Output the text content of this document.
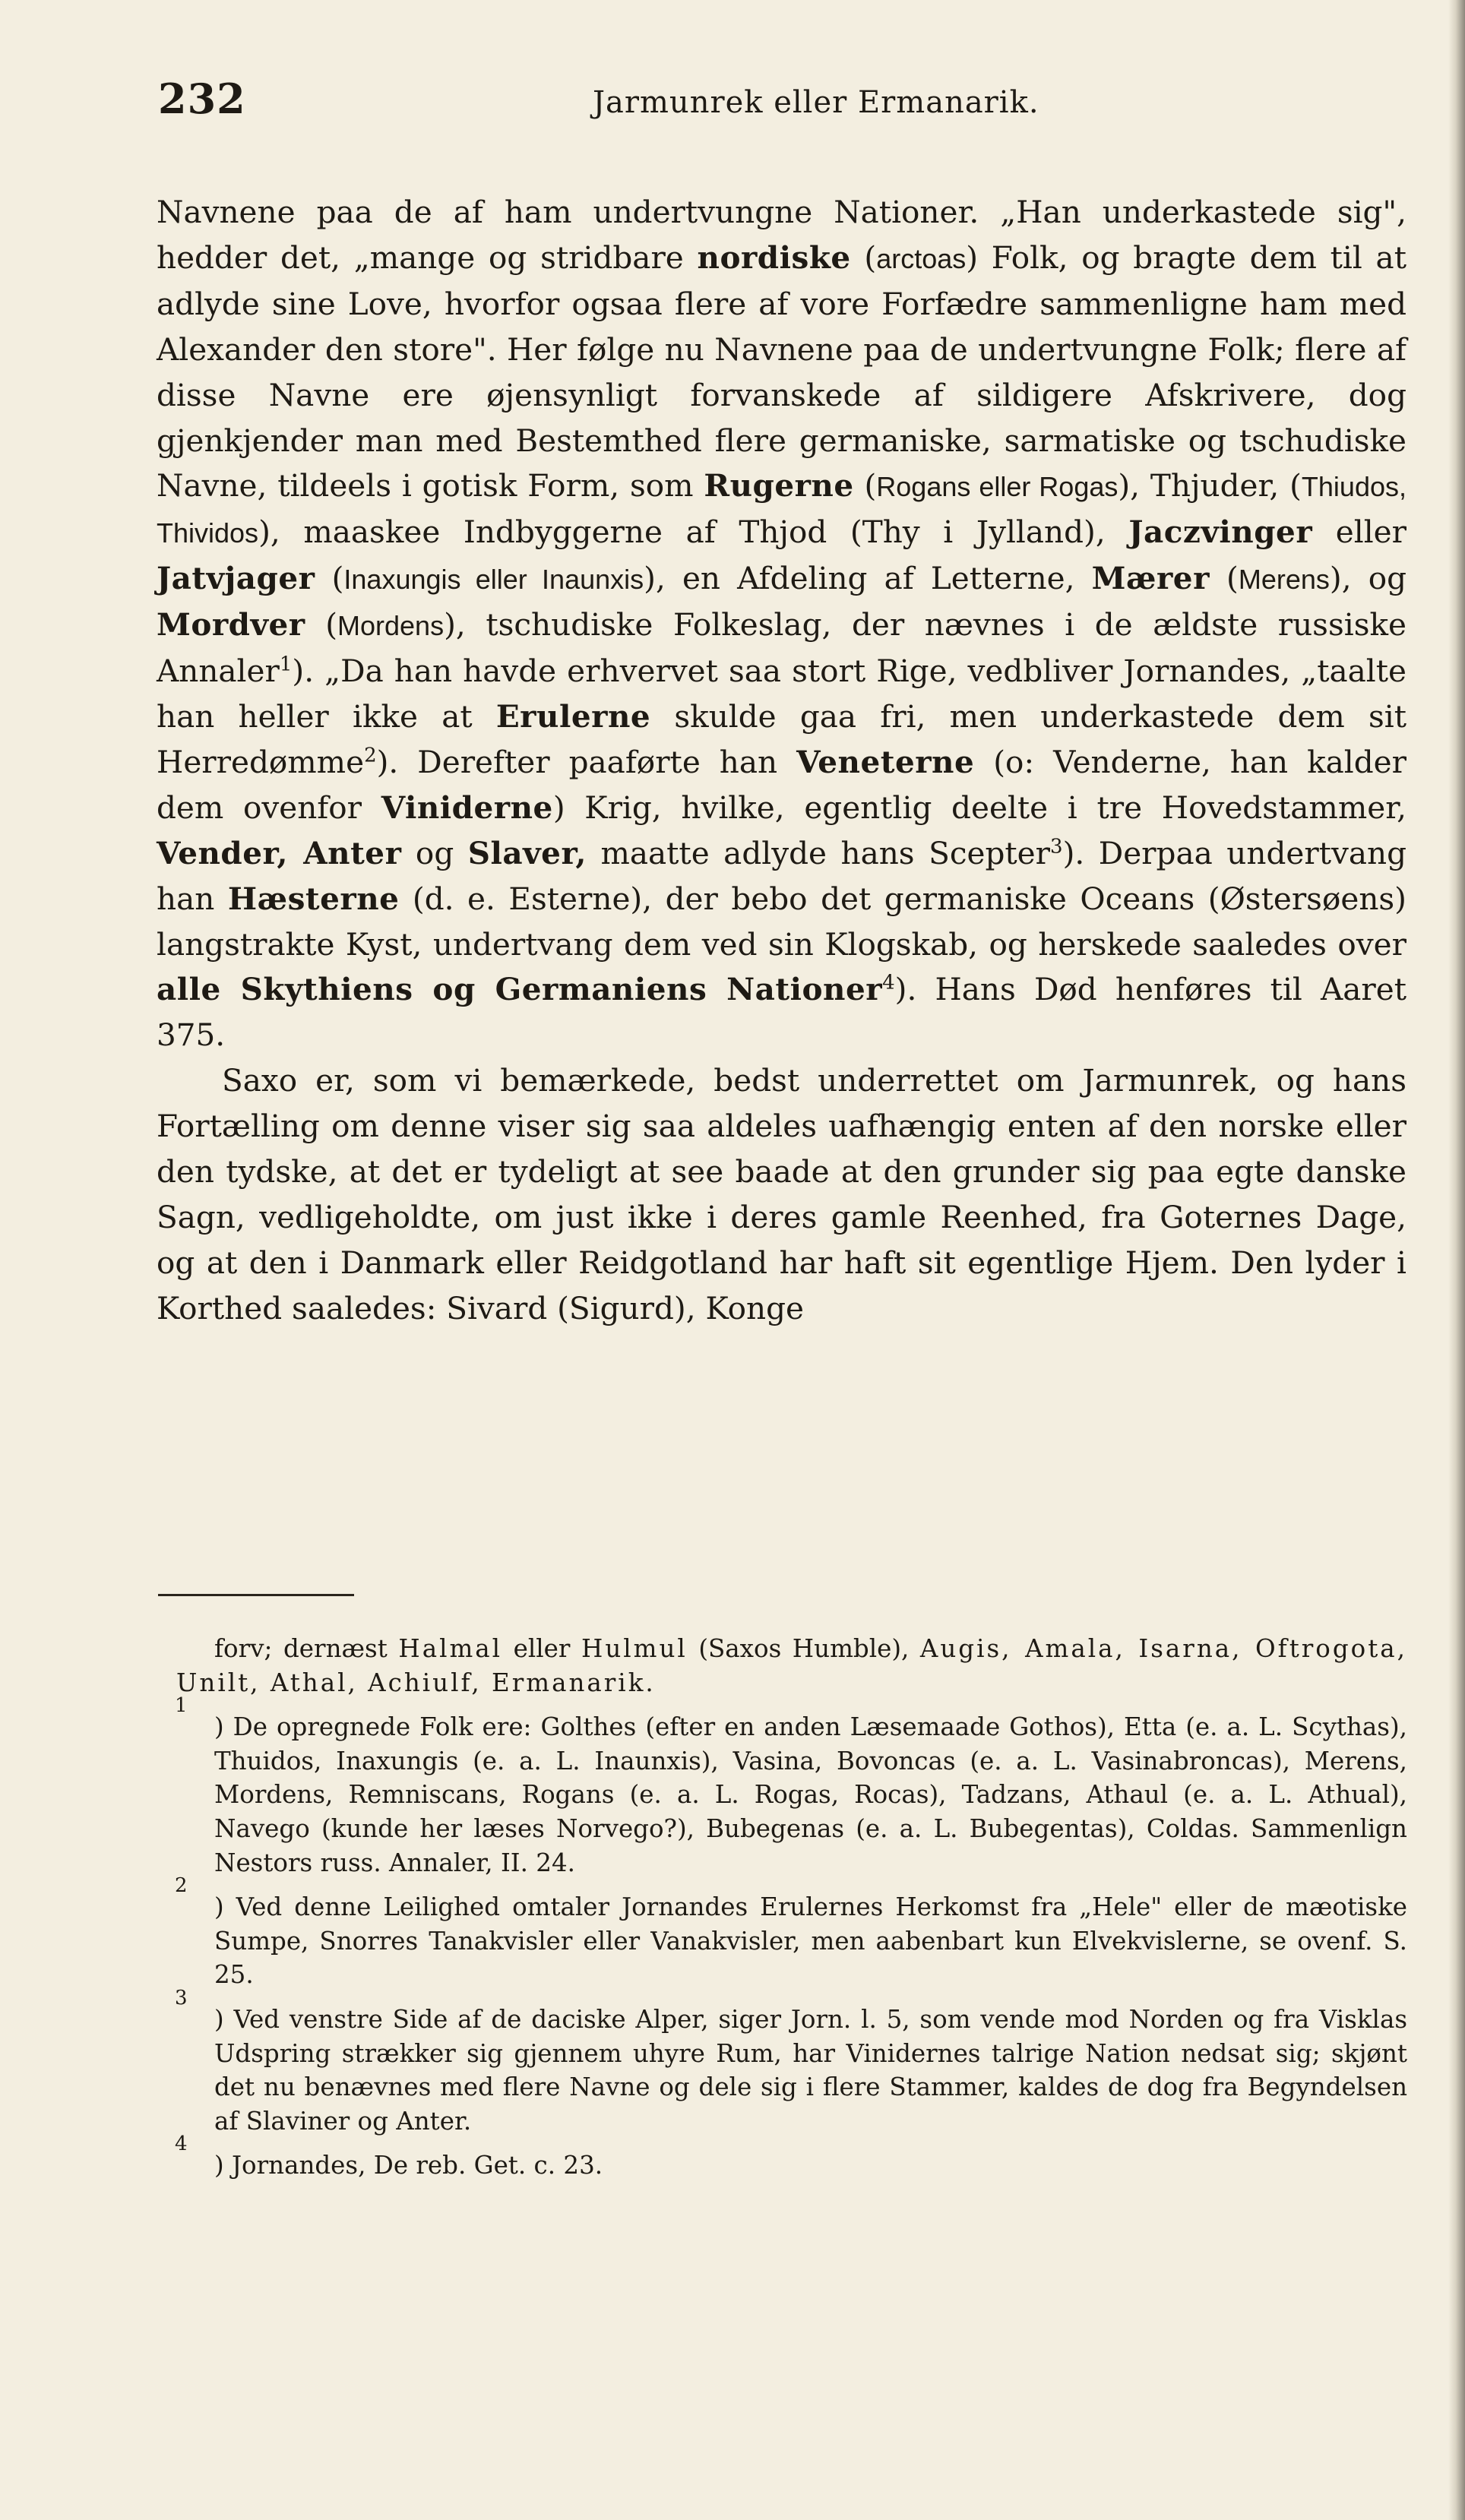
232	Jarmunrek eller Ermanarik.

Navnene paa de af ham undertvungne Nationer. „Han underkastede sig", hedder det, „mange og stridbare nordiske (arctoas) Folk, og bragte dem til at adlyde sine Love, hvorfor ogsaa flere af vore Forfædre sammenligne ham med Alexander den store". Her følge nu Navnene paa de undertvungne Folk; flere af disse Navne ere øjensynligt forvanskede af sildigere Afskrivere, dog gjenkjender man med Bestemthed flere germaniske, sarmatiske og tschudiske Navne, tildeels i gotisk Form, som Rugerne (Rogans eller Rogas), Thjuder, (Thiudos, Thividos), maaskee Indbyggerne af Thjod (Thy i Jylland), Jaczvinger eller Jatvjager (Inaxungis eller Inaunxis), en Afdeling af Letterne, Mærer (Merens), og Mordver (Mordens), tschudiske Folkeslag, der nævnes i de ældste russiske Annaler$^1$). „Da han havde erhvervet saa stort Rige, vedbliver Jornandes, „taalte han heller ikke at Erulerne skulde gaa fri, men underkastede dem sit Herredømme$^2$). Derefter paaførte han Veneterne (o: Venderne, han kalder dem ovenfor Viniderne) Krig, hvilke, egentlig deelte i tre Hovedstammer, Vender, Anter og Slaver, maatte adlyde hans Scepter$^3$). Derpaa undertvang han Hæsterne (d. e. Esterne), der bebo det germaniske Oceans (Østersøens) langstrakte Kyst, undertvang dem ved sin Klogskab, og herskede saaledes over alle Skythiens og Germaniens Nationer$^4$). Hans Død henføres til Aaret 375.

Saxo er, som vi bemærkede, bedst underrettet om Jarmunrek, og hans Fortælling om denne viser sig saa aldeles uafhængig enten af den norske eller den tydske, at det er tydeligt at see baade at den grunder sig paa egte danske Sagn, vedligeholdte, om just ikke i deres gamle Reenhed, fra Goternes Dage, og at den i Danmark eller Reidgotland har haft sit egentlige Hjem. Den lyder i Korthed saaledes: Sivard (Sigurd), Konge

forv; dernæst Halmal eller Hulmul (Saxos Humble), Augis, Amala, Isarna, Oftrogota, Unilt, Athal, Achiulf, Ermanarik.

1
) De opregnede Folk ere: Golthes (efter en anden Læsemaade Gothos), Etta (e. a. L. Scythas), Thuidos, Inaxungis (e. a. L. Inaunxis), Vasina, Bovoncas (e. a. L. Vasinabroncas), Merens, Mordens, Remniscans, Rogans (e. a. L. Rogas, Rocas), Tadzans, Athaul (e. a. L. Athual), Navego (kunde her læses Norvego?), Bubegenas (e. a. L. Bubegentas), Coldas. Sammenlign Nestors russ. Annaler, II. 24.

2
) Ved denne Leilighed omtaler Jornandes Erulernes Herkomst fra „Hele" eller de mæotiske Sumpe, Snorres Tanakvisler eller Vanakvisler, men aabenbart kun Elvekvislerne, se ovenf. S. 25.

3
) Ved venstre Side af de daciske Alper, siger Jorn. l. 5, som vende mod Norden og fra Visklas Udspring strækker sig gjennem uhyre Rum, har Vinidernes talrige Nation nedsat sig; skjønt det nu benævnes med flere Navne og dele sig i flere Stammer, kaldes de dog fra Begyndelsen af Slaviner og Anter.

4
) Jornandes, De reb. Get. c. 23.
